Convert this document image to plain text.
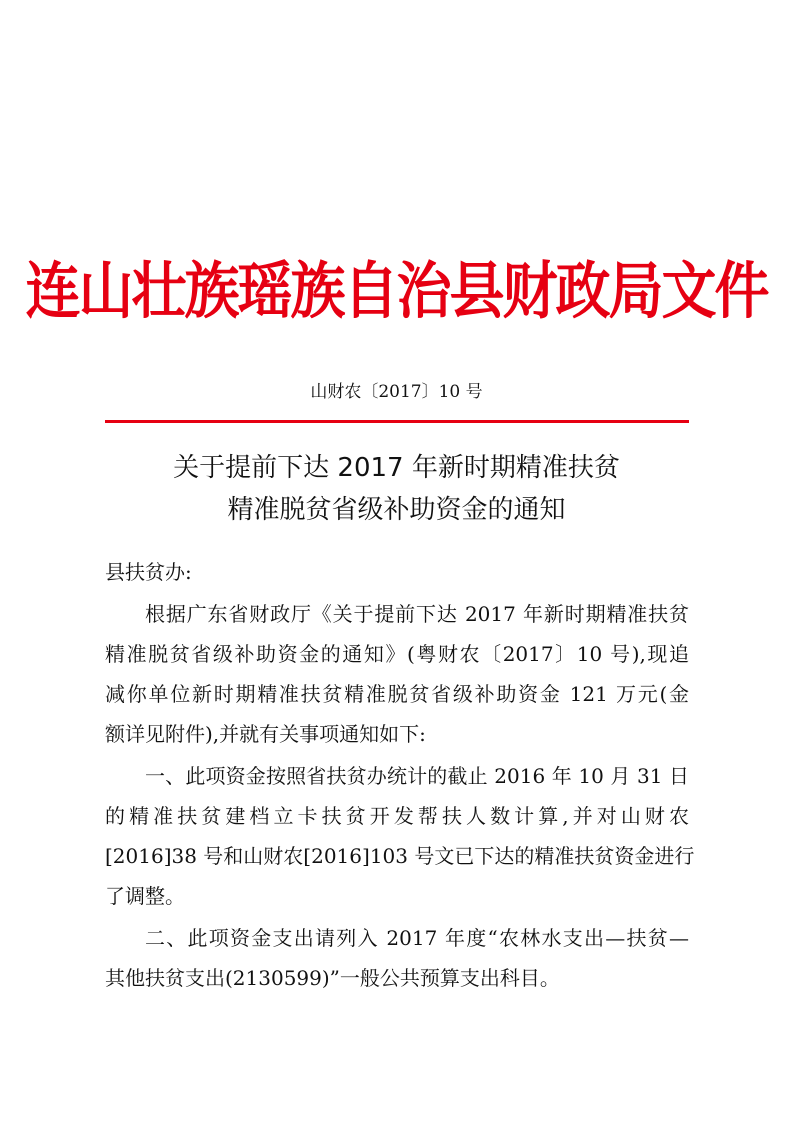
连山壮族瑶族自治县财政局文件
山财农〔2017〕10 号
关于提前下达 2017 年新时期精准扶贫
精准脱贫省级补助资金的通知
县扶贫办:
根据广东省财政厅《关于提前下达 2017 年新时期精准扶贫
精准脱贫省级补助资金的通知》(粤财农〔2017〕10 号),现追
减你单位新时期精准扶贫精准脱贫省级补助资金 121 万元(金
额详见附件),并就有关事项通知如下:
一、此项资金按照省扶贫办统计的截止 2016 年 10 月 31 日
的精准扶贫建档立卡扶贫开发帮扶人数计算,并对山财农
[2016]38 号和山财农[2016]103 号文已下达的精准扶贫资金进行
了调整。
二、此项资金支出请列入 2017 年度“农林水支出—扶贫—
其他扶贫支出(2130599)”一般公共预算支出科目。
